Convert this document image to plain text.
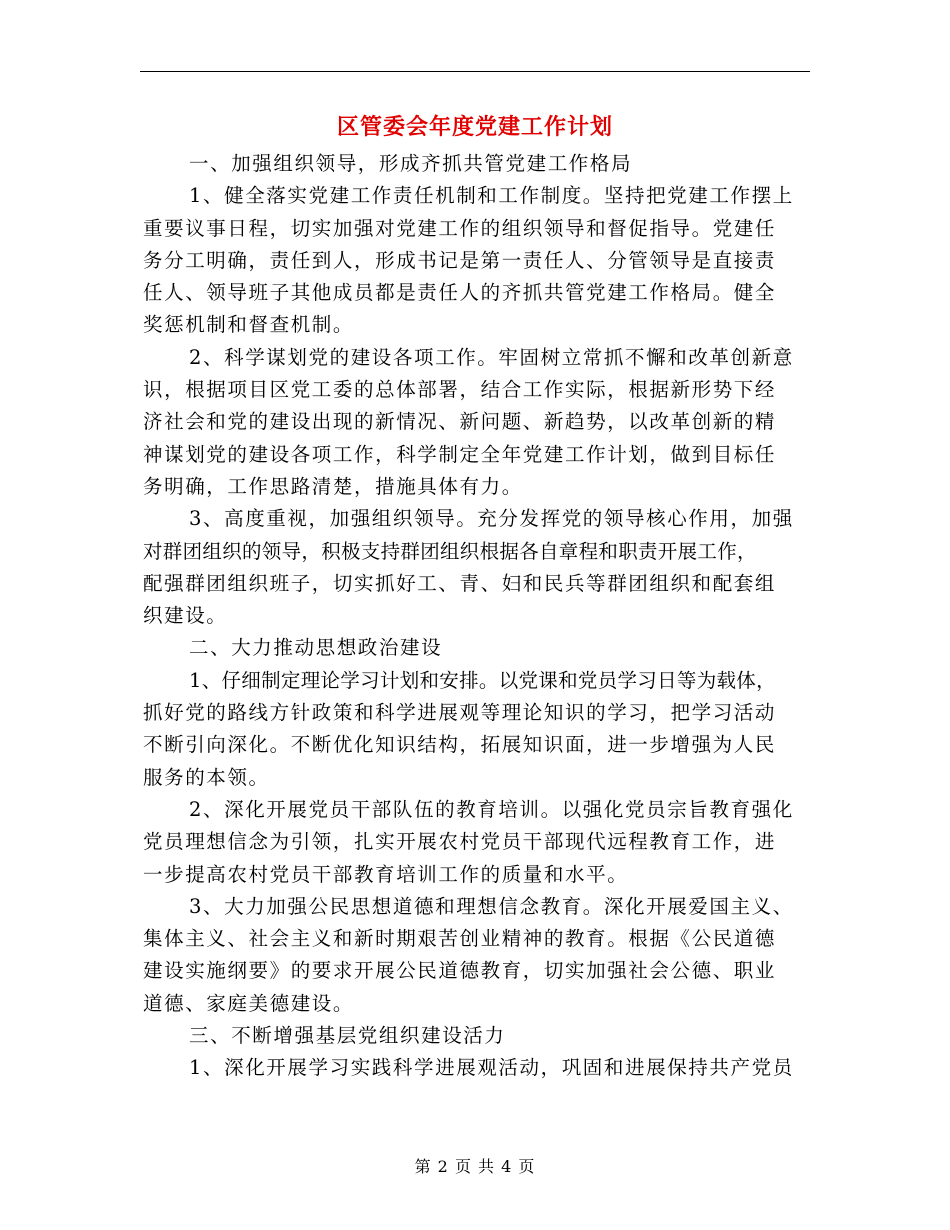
区管委会年度党建工作计划
一、加强组织领导，形成齐抓共管党建工作格局
1、健全落实党建工作责任机制和工作制度。坚持把党建工作摆上
重要议事日程，切实加强对党建工作的组织领导和督促指导。党建任
务分工明确，责任到人，形成书记是第一责任人、分管领导是直接责
任人、领导班子其他成员都是责任人的齐抓共管党建工作格局。健全
奖惩机制和督查机制。
2、科学谋划党的建设各项工作。牢固树立常抓不懈和改革创新意
识，根据项目区党工委的总体部署，结合工作实际，根据新形势下经
济社会和党的建设出现的新情况、新问题、新趋势，以改革创新的精
神谋划党的建设各项工作，科学制定全年党建工作计划，做到目标任
务明确，工作思路清楚，措施具体有力。
3、高度重视，加强组织领导。充分发挥党的领导核心作用，加强
对群团组织的领导，积极支持群团组织根据各自章程和职责开展工作，
配强群团组织班子，切实抓好工、青、妇和民兵等群团组织和配套组
织建设。
二、大力推动思想政治建设
1、仔细制定理论学习计划和安排。以党课和党员学习日等为载体，
抓好党的路线方针政策和科学进展观等理论知识的学习，把学习活动
不断引向深化。不断优化知识结构，拓展知识面，进一步增强为人民
服务的本领。
2、深化开展党员干部队伍的教育培训。以强化党员宗旨教育强化
党员理想信念为引领，扎实开展农村党员干部现代远程教育工作，进
一步提高农村党员干部教育培训工作的质量和水平。
3、大力加强公民思想道德和理想信念教育。深化开展爱国主义、
集体主义、社会主义和新时期艰苦创业精神的教育。根据《公民道德
建设实施纲要》的要求开展公民道德教育，切实加强社会公德、职业
道德、家庭美德建设。
三、不断增强基层党组织建设活力
1、深化开展学习实践科学进展观活动，巩固和进展保持共产党员
第 2 页 共 4 页
